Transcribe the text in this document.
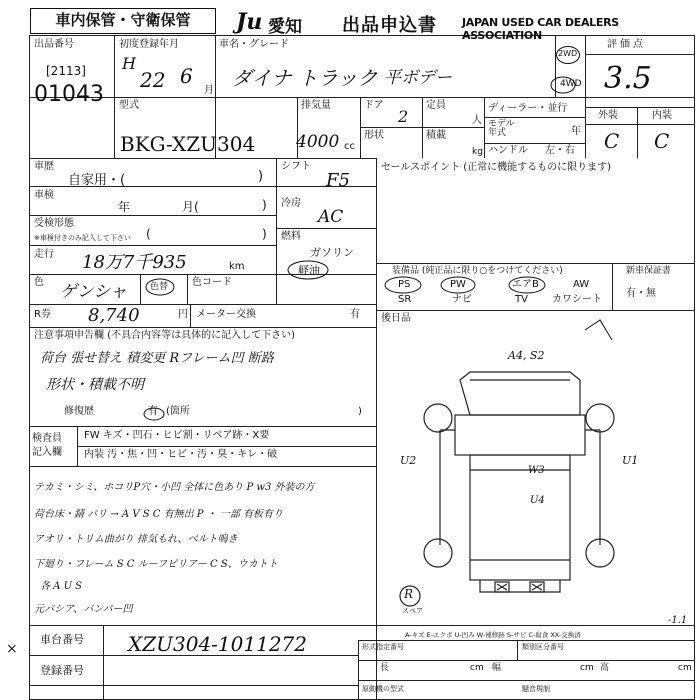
車内保管・守衛保管	Ju 愛知 出品申込書 JAPAN USED CAR DEALERS ASSOCIATION
出品番号
[2113]
01043
初度登録年月
H
22 6
月
車名・グレード
ダイナ トラック 平ボデー
2WD
4WD
評価点
3.5
外装	内装
C C
型式
BKG-XZU304
排気量
4000 cc
ドア
2
定員
人
形状	積載
kg
ディーラー・並行
モデル
年式	年
ハンドル 左・右
車歴
自家用・(	)
車検
年	月(	)
受検形態
※車検付きのみ記入して下さい (	)
走行 18万7千935	km
色 ゲンシャ	色替 色コード
シフト
F5
冷房
AC
燃料
ガソリン
軽油
R券 8,740	円 メーター交換	有
注意事項申告欄 (不具合内容等は具体的に記入して下さい)
荷台 張せ替え 積変更 Rフレーム凹 断路
形状・積載不明
修復歴	有 (箇所	)
セールスポイント (正常に機能するものに限ります)
装備品 (純正品に限り○をつけてください)
PS	PW	エアB	AW
SR	ナビ	TV カワシート
新車保証書
有・無
後日品
検査員
記入欄
FW キズ・凹石・ヒビ割・リペア跡・X要
内装 汚・焦・凹・ヒビ・汚・臭・キレ・破
テカミ・シミ、ホコリP穴・小凹 全体に色あり P w3 外装の方
荷台床・錆 パリ → A V S C 有無出 P ・ 一部 有板有り
アオリ・トリム曲がり 排気もれ、ベルト鳴き
下廻り・フレーム S C ルーフピリアー C S、ウカトト
各 A U S
元バシア、バンパー凹
A4, S2
U2
W3
U4
U1
R
スペア
×
車台番号 XZU304-1011272
登録番号
A-キズ E-エクボ U-凹み W-補修跡 S-サビ C-腐食 XX-交換済
-1.1
形式指定番号	類別区分番号
長	cm 幅	cm 高	cm
原動機の型式	騒音規制
